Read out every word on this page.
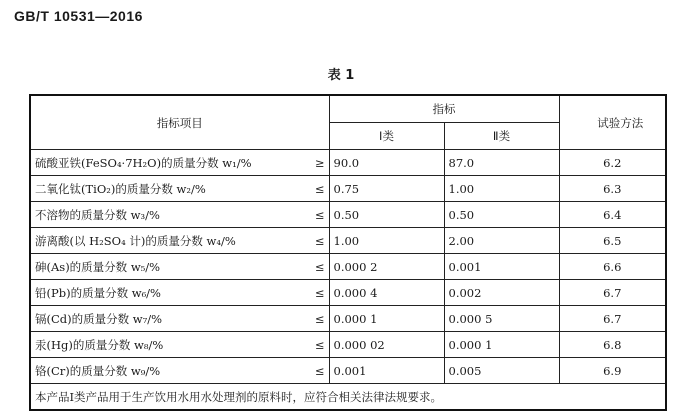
GB/T 10531—2016
表 1
指标项目		指标		试验方法
		Ⅰ类	Ⅱ类	
硫酸亚铁(FeSO₄·7H₂O)的质量分数 w₁/%	≥	90.0	87.0	6.2
二氧化钛(TiO₂)的质量分数 w₂/%	≤	0.75	1.00	6.3
不溶物的质量分数 w₃/%	≤	0.50	0.50	6.4
游离酸(以 H₂SO₄ 计)的质量分数 w₄/%	≤	1.00	2.00	6.5
砷(As)的质量分数 w₅/%	≤	0.000 2	0.001	6.6
铅(Pb)的质量分数 w₆/%	≤	0.000 4	0.002	6.7
镉(Cd)的质量分数 w₇/%	≤	0.000 1	0.000 5	6.7
汞(Hg)的质量分数 w₈/%	≤	0.000 02	0.000 1	6.8
铬(Cr)的质量分数 w₉/%	≤	0.001	0.005	6.9
本产品Ⅰ类产品用于生产饮用水用水处理剂的原料时，应符合相关法律法规要求。				
